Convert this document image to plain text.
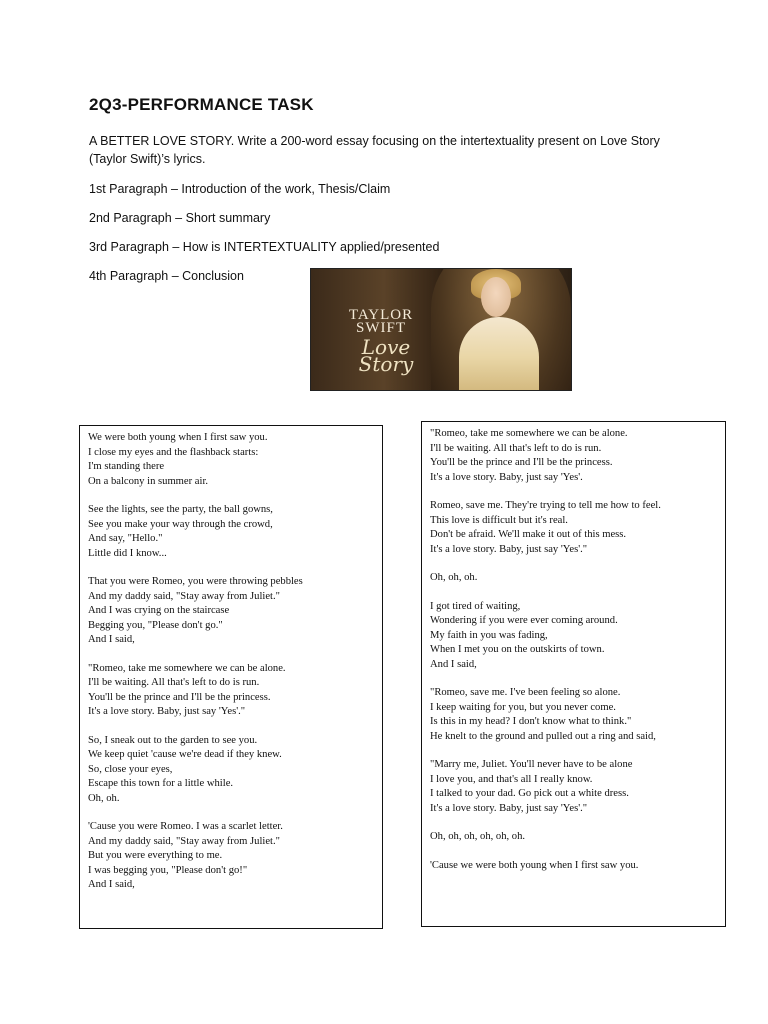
2Q3-PERFORMANCE TASK
A BETTER LOVE STORY. Write a 200-word essay focusing on the intertextuality present on Love Story (Taylor Swift)’s lyrics.
1st Paragraph – Introduction of the work, Thesis/Claim
2nd Paragraph – Short summary
3rd Paragraph – How is INTERTEXTUALITY applied/presented
4th Paragraph – Conclusion
TAYLOR
SWIFT
Love
Story
We were both young when I first saw you.
I close my eyes and the flashback starts:
I'm standing there
On a balcony in summer air.
See the lights, see the party, the ball gowns,
See you make your way through the crowd,
And say, "Hello."
Little did I know...
That you were Romeo, you were throwing pebbles
And my daddy said, "Stay away from Juliet."
And I was crying on the staircase
Begging you, "Please don't go."
And I said,
"Romeo, take me somewhere we can be alone.
I'll be waiting. All that's left to do is run.
You'll be the prince and I'll be the princess.
It's a love story. Baby, just say 'Yes'."
So, I sneak out to the garden to see you.
We keep quiet 'cause we're dead if they knew.
So, close your eyes,
Escape this town for a little while.
Oh, oh.
'Cause you were Romeo. I was a scarlet letter.
And my daddy said, "Stay away from Juliet."
But you were everything to me.
I was begging you, "Please don't go!"
And I said,
"Romeo, take me somewhere we can be alone.
I'll be waiting. All that's left to do is run.
You'll be the prince and I'll be the princess.
It's a love story. Baby, just say 'Yes'.
Romeo, save me. They're trying to tell me how to feel.
This love is difficult but it's real.
Don't be afraid. We'll make it out of this mess.
It's a love story. Baby, just say 'Yes'."
Oh, oh, oh.
I got tired of waiting,
Wondering if you were ever coming around.
My faith in you was fading,
When I met you on the outskirts of town.
And I said,
"Romeo, save me. I've been feeling so alone.
I keep waiting for you, but you never come.
Is this in my head? I don't know what to think."
He knelt to the ground and pulled out a ring and said,
"Marry me, Juliet. You'll never have to be alone
I love you, and that's all I really know.
I talked to your dad. Go pick out a white dress.
It's a love story. Baby, just say 'Yes'."
Oh, oh, oh, oh, oh, oh.
'Cause we were both young when I first saw you.
